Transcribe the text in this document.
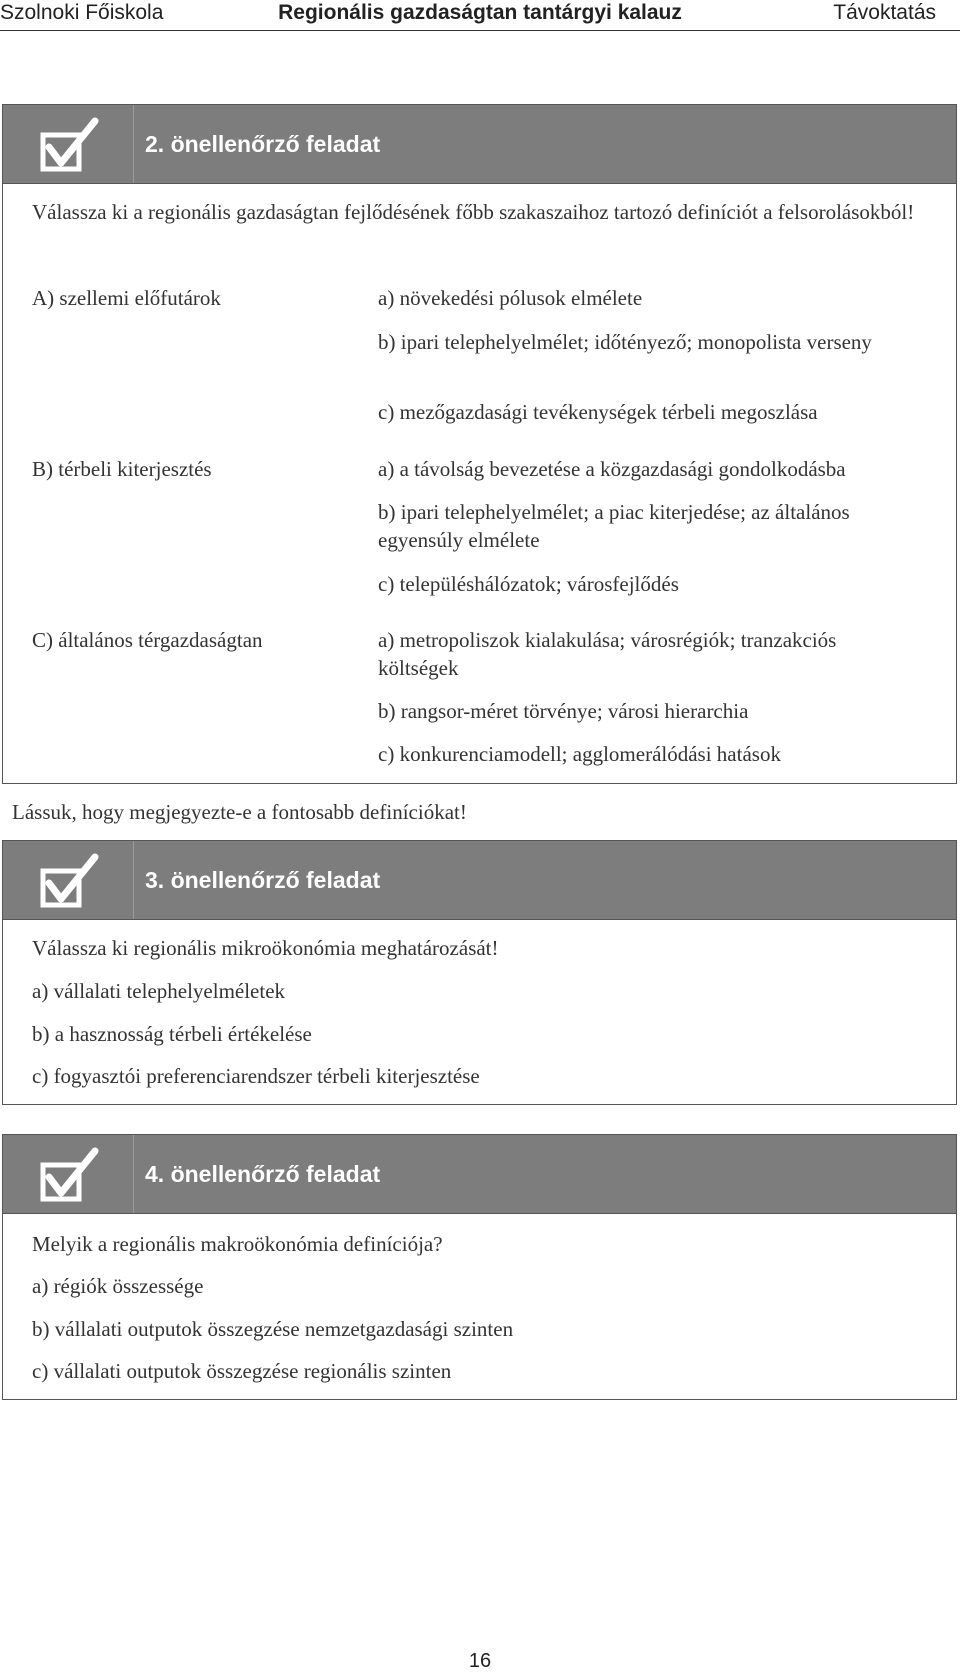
Szolnoki Főiskola	Regionális gazdaságtan tantárgyi kalauz	Távoktatás
2. önellenőrző feladat
Válassza ki a regionális gazdaságtan fejlődésének főbb szakaszaihoz tartozó definíciót a felsorolásokból!
A) szellemi előfutárok	a) növekedési pólusok elmélete
b) ipari telephelyelmélet; időtényező; monopolista verseny
c) mezőgazdasági tevékenységek térbeli megoszlása
B) térbeli kiterjesztés	a) a távolság bevezetése a közgazdasági gondolkodásba
b) ipari telephelyelmélet; a piac kiterjedése; az általános egyensúly elmélete
c) településhálózatok; városfejlődés
C) általános térgazdaságtan	a) metropoliszok kialakulása; városrégiók; tranzakciós költségek
b) rangsor-méret törvénye; városi hierarchia
c) konkurenciamodell; agglomerálódási hatások
Lássuk, hogy megjegyezte-e a fontosabb definíciókat!
3. önellenőrző feladat
Válassza ki regionális mikroökonómia meghatározását!
a) vállalati telephelyelméletek
b) a hasznosság térbeli értékelése
c) fogyasztói preferenciarendszer térbeli kiterjesztése
4. önellenőrző feladat
Melyik a regionális makroökonómia definíciója?
a) régiók összessége
b) vállalati outputok összegzése nemzetgazdasági szinten
c) vállalati outputok összegzése regionális szinten
16
